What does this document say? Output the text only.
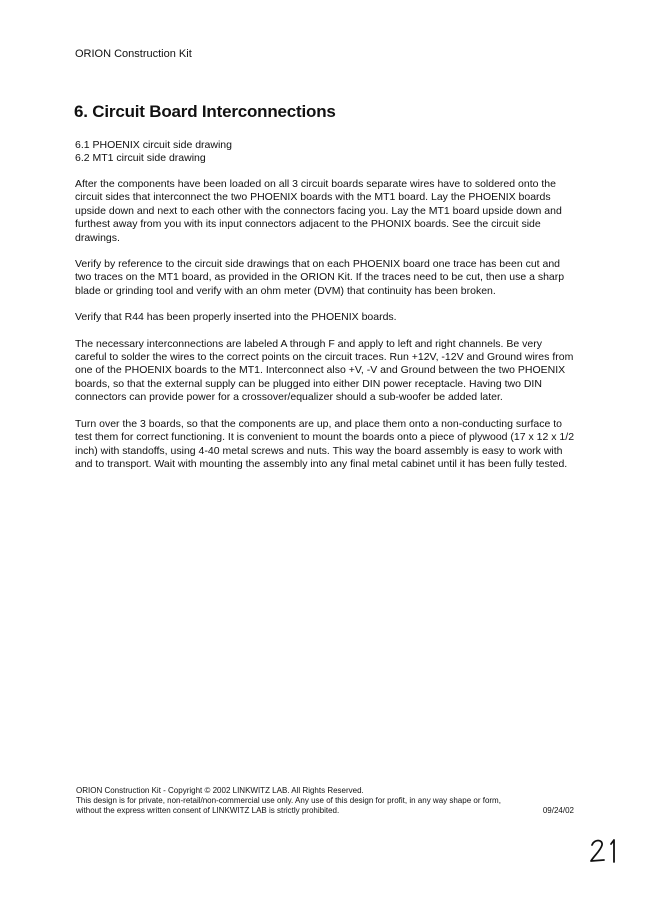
ORION Construction Kit
6. Circuit Board Interconnections
6.1 PHOENIX circuit side drawing
6.2 MT1 circuit side drawing

After the components have been loaded on all 3 circuit boards separate wires have to soldered onto the circuit sides that interconnect the two PHOENIX boards with the MT1 board. Lay the PHOENIX boards upside down and next to each other with the connectors facing you. Lay the MT1 board upside down and furthest away from you with its input connectors adjacent to the PHONIX boards. See the circuit side drawings.

Verify by reference to the circuit side drawings that on each PHOENIX board one trace has been cut and two traces on the MT1 board, as provided in the ORION Kit. If the traces need to be cut, then use a sharp blade or grinding tool and verify with an ohm meter (DVM) that continuity has been broken.

Verify that R44 has been properly inserted into the PHOENIX boards.

The necessary interconnections are labeled A through F and apply to left and right channels. Be very careful to solder the wires to the correct points on the circuit traces. Run +12V, -12V and Ground wires from one of the PHOENIX boards to the MT1. Interconnect also +V, -V and Ground between the two PHOENIX boards, so that the external supply can be plugged into either DIN power receptacle. Having two DIN connectors can provide power for a crossover/equalizer should a sub-woofer be added later.

Turn over the 3 boards, so that the components are up, and place them onto a non-conducting surface to test them for correct functioning. It is convenient to mount the boards onto a piece of plywood (17 x 12 x 1/2 inch) with standoffs, using 4-40 metal screws and nuts. This way the board assembly is easy to work with and to transport. Wait with mounting the assembly into any final metal cabinet until it has been fully tested.

ORION Construction Kit - Copyright © 2002 LINKWITZ LAB. All Rights Reserved.
This design is for private, non-retail/non-commercial use only. Any use of this design for profit, in any way shape or form,
without the express written consent of LINKWITZ LAB is strictly prohibited.	09/24/02
